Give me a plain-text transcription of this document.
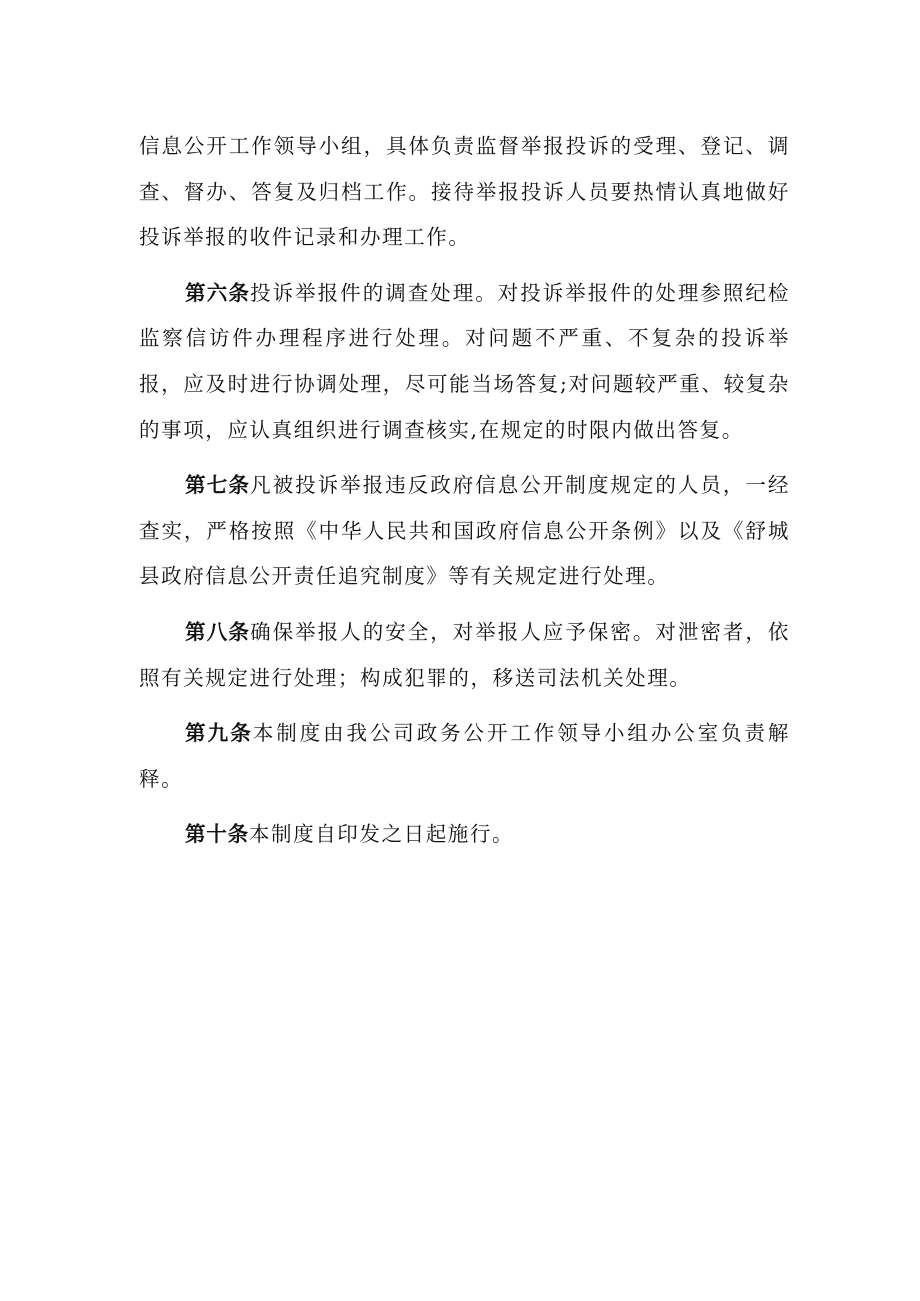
信息公开工作领导小组，具体负责监督举报投诉的受理、登记、调查、督办、答复及归档工作。接待举报投诉人员要热情认真地做好投诉举报的收件记录和办理工作。

第六条投诉举报件的调查处理。对投诉举报件的处理参照纪检监察信访件办理程序进行处理。对问题不严重、不复杂的投诉举报，应及时进行协调处理，尽可能当场答复;对问题较严重、较复杂的事项，应认真组织进行调查核实,在规定的时限内做出答复。

第七条凡被投诉举报违反政府信息公开制度规定的人员，一经查实，严格按照《中华人民共和国政府信息公开条例》以及《舒城县政府信息公开责任追究制度》等有关规定进行处理。

第八条确保举报人的安全，对举报人应予保密。对泄密者，依照有关规定进行处理；构成犯罪的，移送司法机关处理。

第九条本制度由我公司政务公开工作领导小组办公室负责解释。

第十条本制度自印发之日起施行。
